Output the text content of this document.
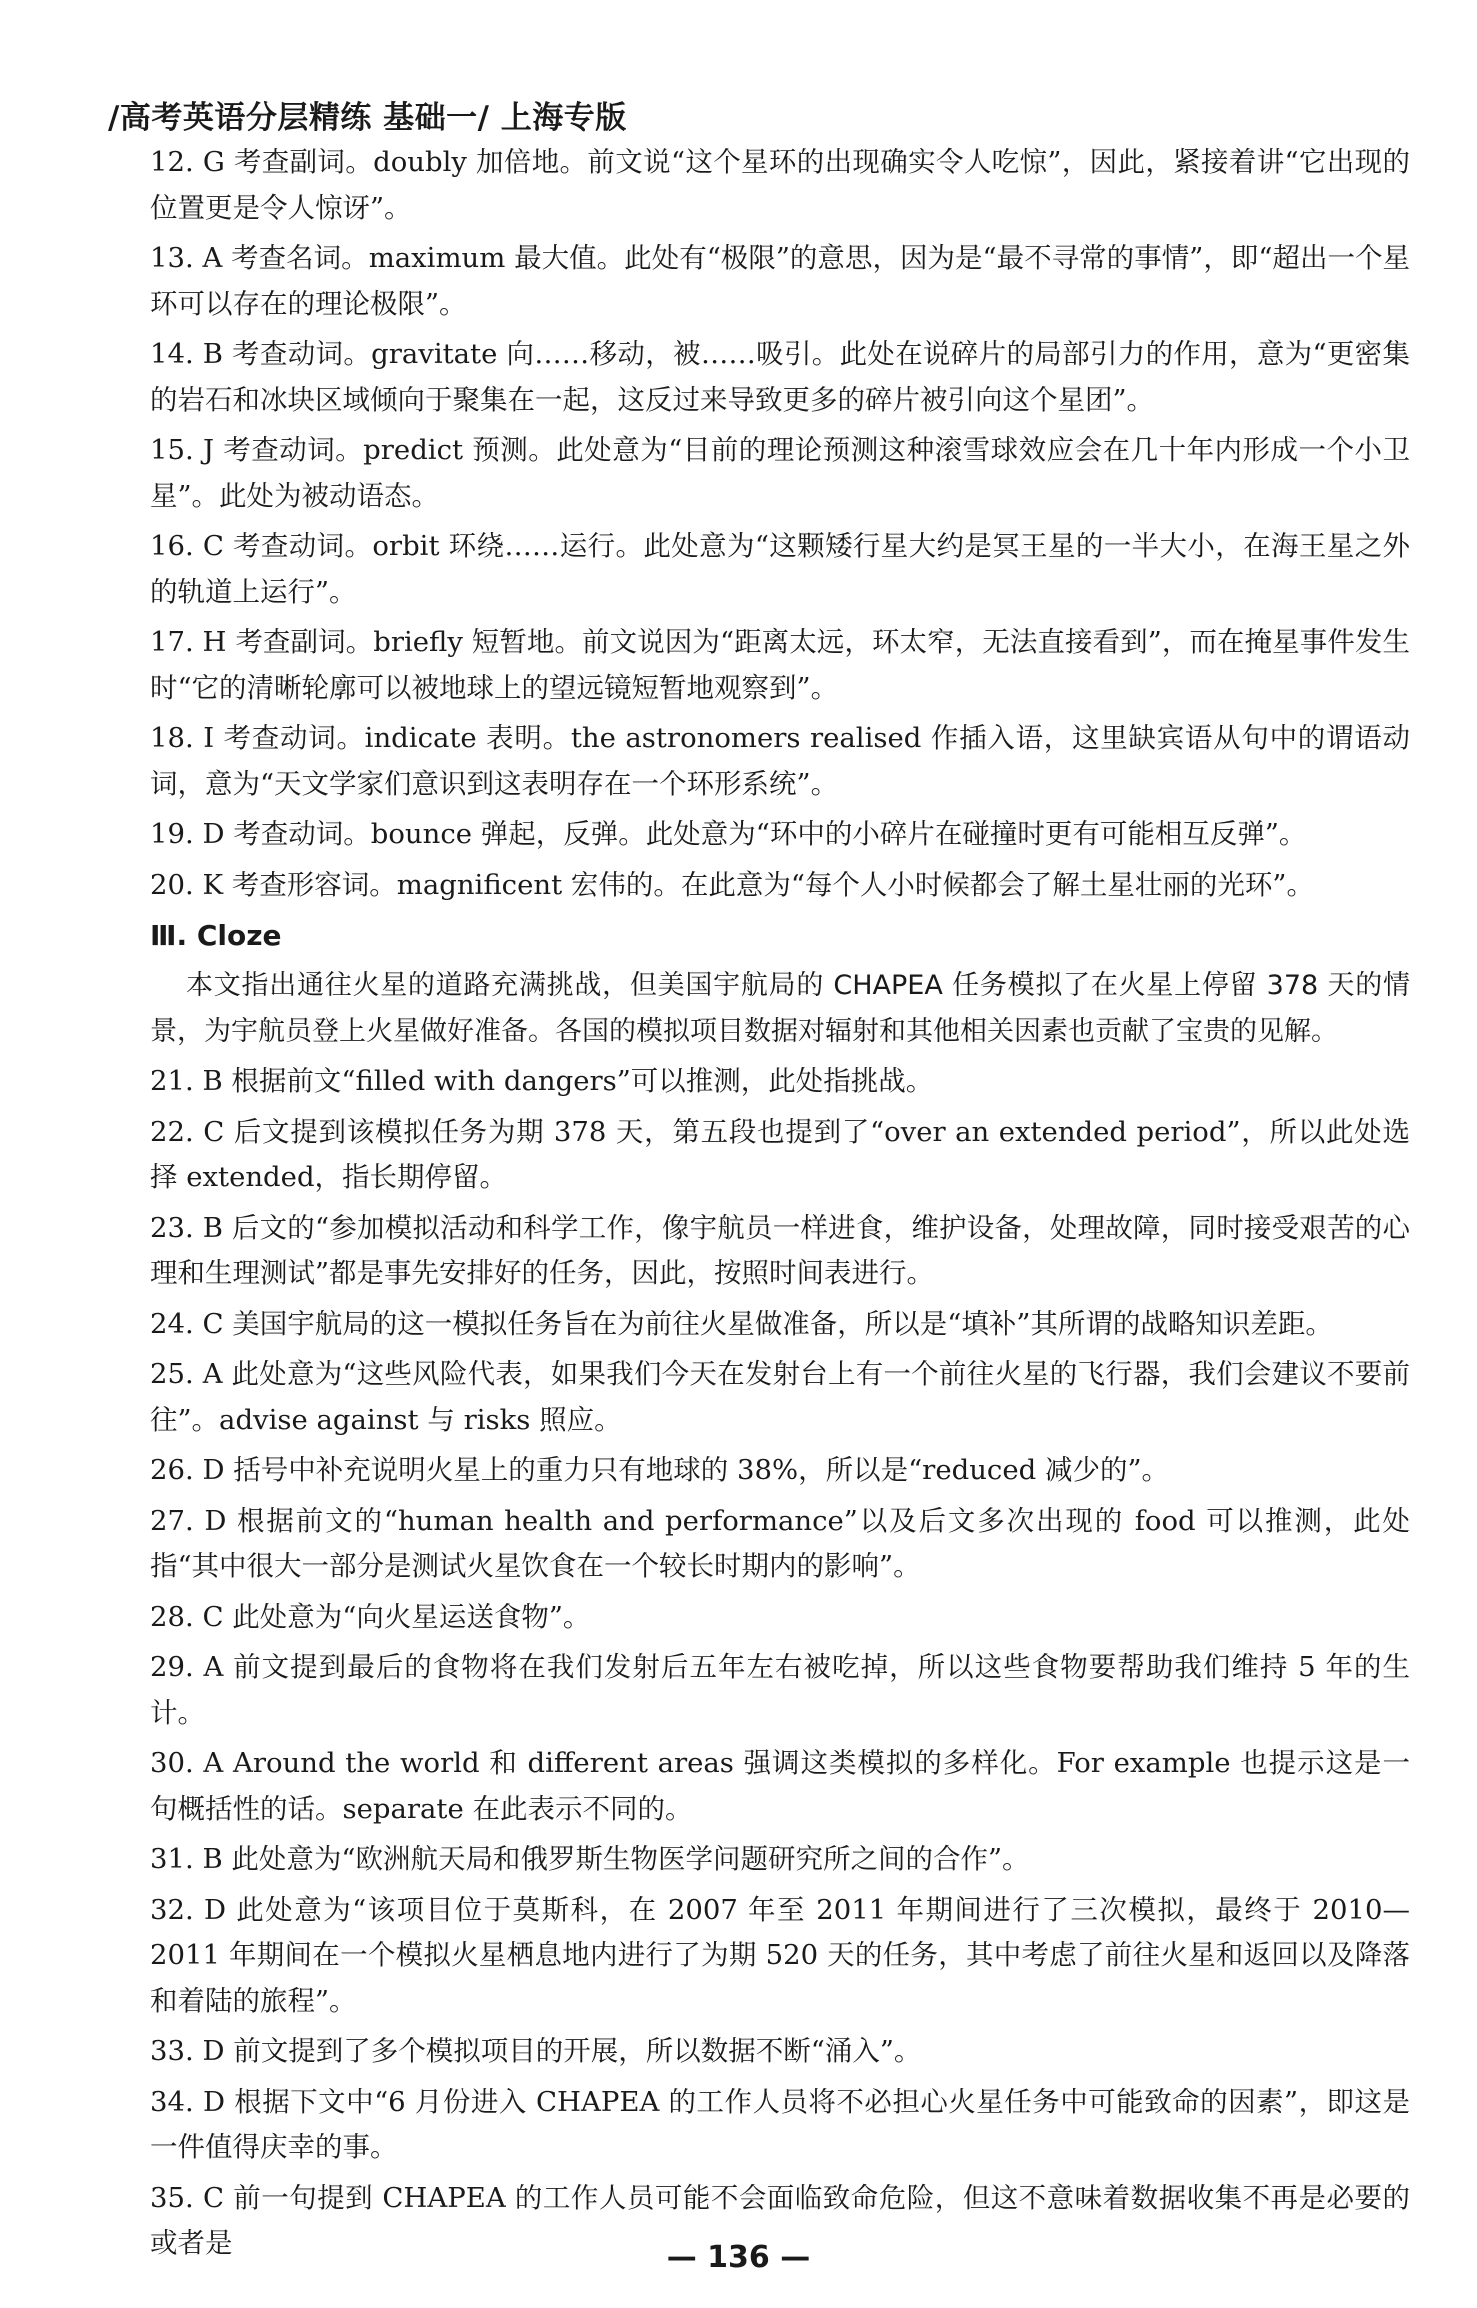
/高考英语分层精练 基础一/ 上海专版

12. G 考查副词。doubly 加倍地。前文说“这个星环的出现确实令人吃惊”，因此，紧接着讲“它出现的位置更是令人惊讶”。

13. A 考查名词。maximum 最大值。此处有“极限”的意思，因为是“最不寻常的事情”，即“超出一个星环可以存在的理论极限”。

14. B 考查动词。gravitate 向……移动，被……吸引。此处在说碎片的局部引力的作用，意为“更密集的岩石和冰块区域倾向于聚集在一起，这反过来导致更多的碎片被引向这个星团”。

15. J 考查动词。predict 预测。此处意为“目前的理论预测这种滚雪球效应会在几十年内形成一个小卫星”。此处为被动语态。

16. C 考查动词。orbit 环绕……运行。此处意为“这颗矮行星大约是冥王星的一半大小，在海王星之外的轨道上运行”。

17. H 考查副词。briefly 短暂地。前文说因为“距离太远，环太窄，无法直接看到”，而在掩星事件发生时“它的清晰轮廓可以被地球上的望远镜短暂地观察到”。

18. I 考查动词。indicate 表明。the astronomers realised 作插入语，这里缺宾语从句中的谓语动词，意为“天文学家们意识到这表明存在一个环形系统”。

19. D 考查动词。bounce 弹起，反弹。此处意为“环中的小碎片在碰撞时更有可能相互反弹”。

20. K 考查形容词。magnificent 宏伟的。在此意为“每个人小时候都会了解土星壮丽的光环”。

Ⅲ. Cloze

本文指出通往火星的道路充满挑战，但美国宇航局的 CHAPEA 任务模拟了在火星上停留 378 天的情景，为宇航员登上火星做好准备。各国的模拟项目数据对辐射和其他相关因素也贡献了宝贵的见解。

21. B 根据前文“filled with dangers”可以推测，此处指挑战。

22. C 后文提到该模拟任务为期 378 天，第五段也提到了“over an extended period”，所以此处选择 extended，指长期停留。

23. B 后文的“参加模拟活动和科学工作，像宇航员一样进食，维护设备，处理故障，同时接受艰苦的心理和生理测试”都是事先安排好的任务，因此，按照时间表进行。

24. C 美国宇航局的这一模拟任务旨在为前往火星做准备，所以是“填补”其所谓的战略知识差距。

25. A 此处意为“这些风险代表，如果我们今天在发射台上有一个前往火星的飞行器，我们会建议不要前往”。advise against 与 risks 照应。

26. D 括号中补充说明火星上的重力只有地球的 38%，所以是“reduced 减少的”。

27. D 根据前文的“human health and performance”以及后文多次出现的 food 可以推测，此处指“其中很大一部分是测试火星饮食在一个较长时期内的影响”。

28. C 此处意为“向火星运送食物”。

29. A 前文提到最后的食物将在我们发射后五年左右被吃掉，所以这些食物要帮助我们维持 5 年的生计。

30. A Around the world 和 different areas 强调这类模拟的多样化。For example 也提示这是一句概括性的话。separate 在此表示不同的。

31. B 此处意为“欧洲航天局和俄罗斯生物医学问题研究所之间的合作”。

32. D 此处意为“该项目位于莫斯科，在 2007 年至 2011 年期间进行了三次模拟，最终于 2010—2011 年期间在一个模拟火星栖息地内进行了为期 520 天的任务，其中考虑了前往火星和返回以及降落和着陆的旅程”。

33. D 前文提到了多个模拟项目的开展，所以数据不断“涌入”。

34. D 根据下文中“6 月份进入 CHAPEA 的工作人员将不必担心火星任务中可能致命的因素”，即这是一件值得庆幸的事。

35. C 前一句提到 CHAPEA 的工作人员可能不会面临致命危险，但这不意味着数据收集不再是必要的或者是	— 136 —
